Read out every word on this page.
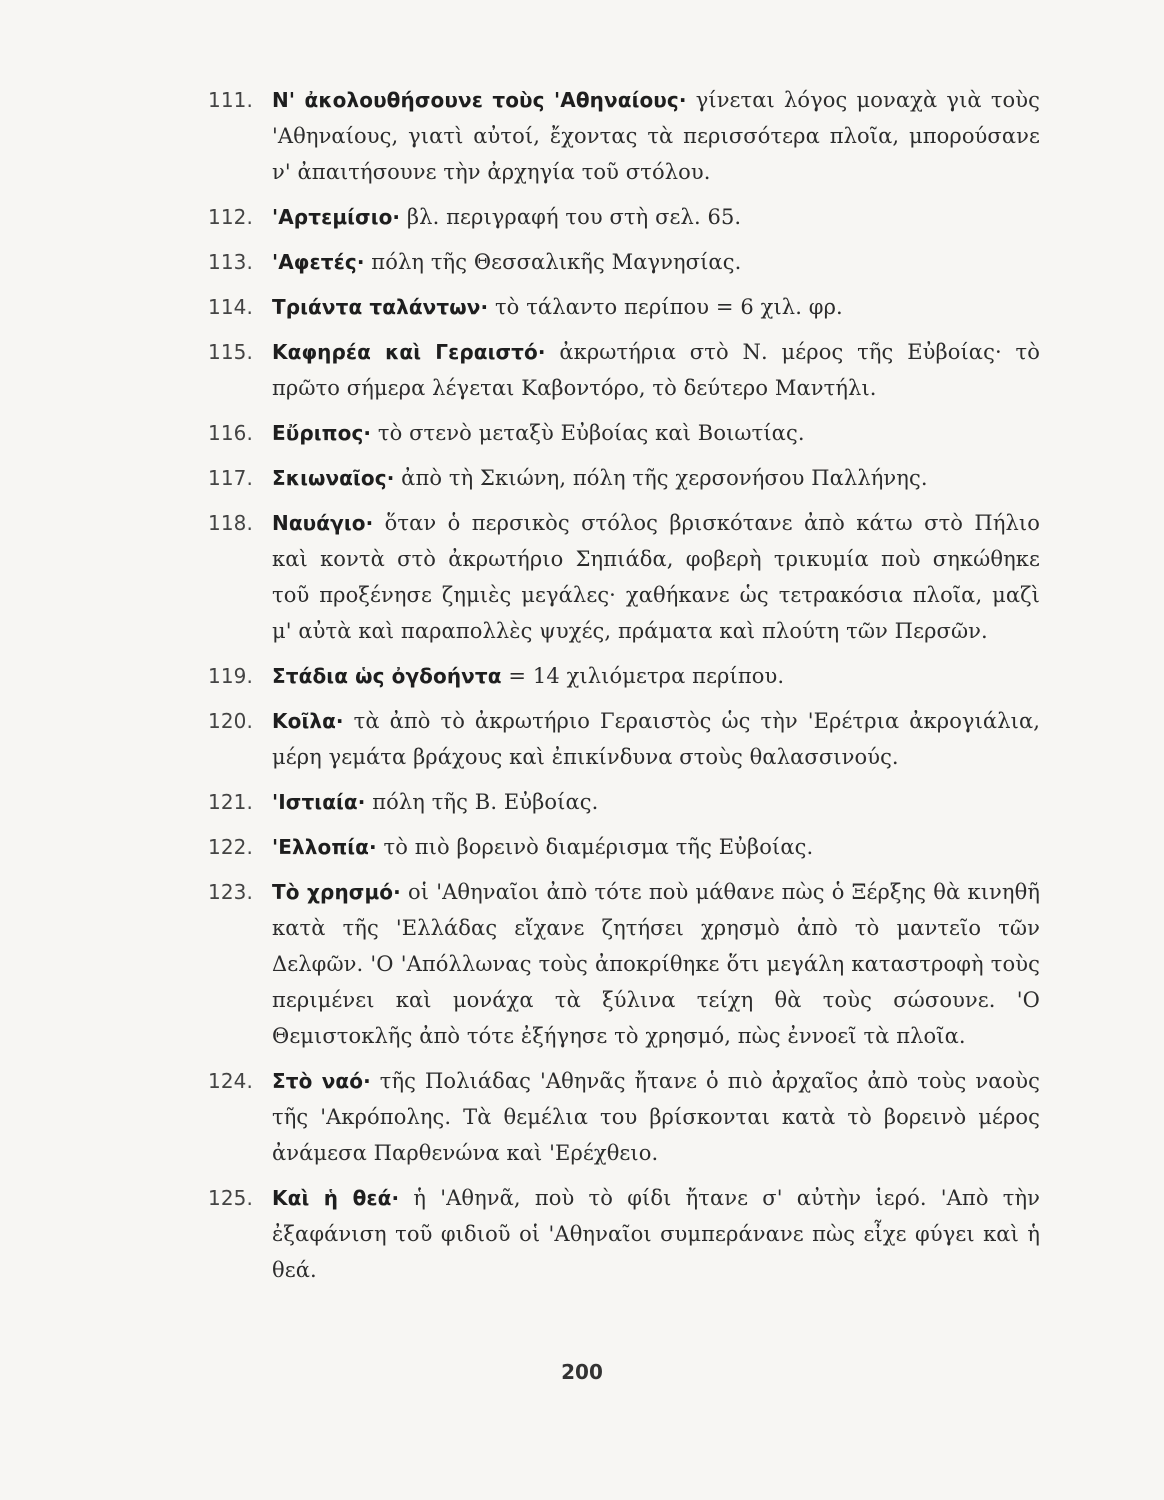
111. Ν' ἀκολουθήσουνε τοὺς 'Αθηναίους· γίνεται λόγος μοναχὰ γιὰ τοὺς 'Αθηναίους, γιατὶ αὐτοί, ἔχοντας τὰ περισσότερα πλοῖα, μπορούσανε ν' ἀπαιτήσουνε τὴν ἀρχηγία τοῦ στόλου.
112. 'Αρτεμίσιο· βλ. περιγραφή του στὴ σελ. 65.
113. 'Αφετές· πόλη τῆς Θεσσαλικῆς Μαγνησίας.
114. Τριάντα ταλάντων· τὸ τάλαντο περίπου = 6 χιλ. φρ.
115. Καφηρέα καὶ Γεραιστό· ἀκρωτήρια στὸ Ν. μέρος τῆς Εὐβοίας· τὸ πρῶτο σήμερα λέγεται Καβοντόρο, τὸ δεύτερο Μαντήλι.
116. Εὔριπος· τὸ στενὸ μεταξὺ Εὐβοίας καὶ Βοιωτίας.
117. Σκιωναῖος· ἀπὸ τὴ Σκιώνη, πόλη τῆς χερσονήσου Παλλήνης.
118. Ναυάγιο· ὅταν ὁ περσικὸς στόλος βρισκότανε ἀπὸ κάτω στὸ Πήλιο καὶ κοντὰ στὸ ἀκρωτήριο Σηπιάδα, φοβερὴ τρικυμία ποὺ σηκώθηκε τοῦ προξένησε ζημιὲς μεγάλες· χαθήκανε ὡς τετρακόσια πλοῖα, μαζὶ μ' αὐτὰ καὶ παραπολλὲς ψυχές, πράματα καὶ πλούτη τῶν Περσῶν.
119. Στάδια ὡς ὀγδοήντα = 14 χιλιόμετρα περίπου.
120. Κοῖλα· τὰ ἀπὸ τὸ ἀκρωτήριο Γεραιστὸς ὡς τὴν 'Ερέτρια ἀκρογιάλια, μέρη γεμάτα βράχους καὶ ἐπικίνδυνα στοὺς θαλασσινούς.
121. 'Ιστιαία· πόλη τῆς Β. Εὐβοίας.
122. 'Ελλοπία· τὸ πιὸ βορεινὸ διαμέρισμα τῆς Εὐβοίας.
123. Τὸ χρησμό· οἱ 'Αθηναῖοι ἀπὸ τότε ποὺ μάθανε πὼς ὁ Ξέρξης θὰ κινηθῆ κατὰ τῆς 'Ελλάδας εἴχανε ζητήσει χρησμὸ ἀπὸ τὸ μαντεῖο τῶν Δελφῶν. 'Ο 'Απόλλωνας τοὺς ἀποκρίθηκε ὅτι μεγάλη καταστροφὴ τοὺς περιμένει καὶ μονάχα τὰ ξύλινα τείχη θὰ τοὺς σώσουνε. 'Ο Θεμιστοκλῆς ἀπὸ τότε ἐξήγησε τὸ χρησμό, πὼς ἐννοεῖ τὰ πλοῖα.
124. Στὸ ναό· τῆς Πολιάδας 'Αθηνᾶς ἤτανε ὁ πιὸ ἀρχαῖος ἀπὸ τοὺς ναοὺς τῆς 'Ακρόπολης. Τὰ θεμέλια του βρίσκονται κατὰ τὸ βορεινὸ μέρος ἀνάμεσα Παρθενώνα καὶ 'Ερέχθειο.
125. Καὶ ἡ θεά· ἡ 'Αθηνᾶ, ποὺ τὸ φίδι ἤτανε σ' αὐτὴν ἱερό. 'Απὸ τὴν ἐξαφάνιση τοῦ φιδιοῦ οἱ 'Αθηναῖοι συμπεράνανε πὼς εἶχε φύγει καὶ ἡ θεά.
200
